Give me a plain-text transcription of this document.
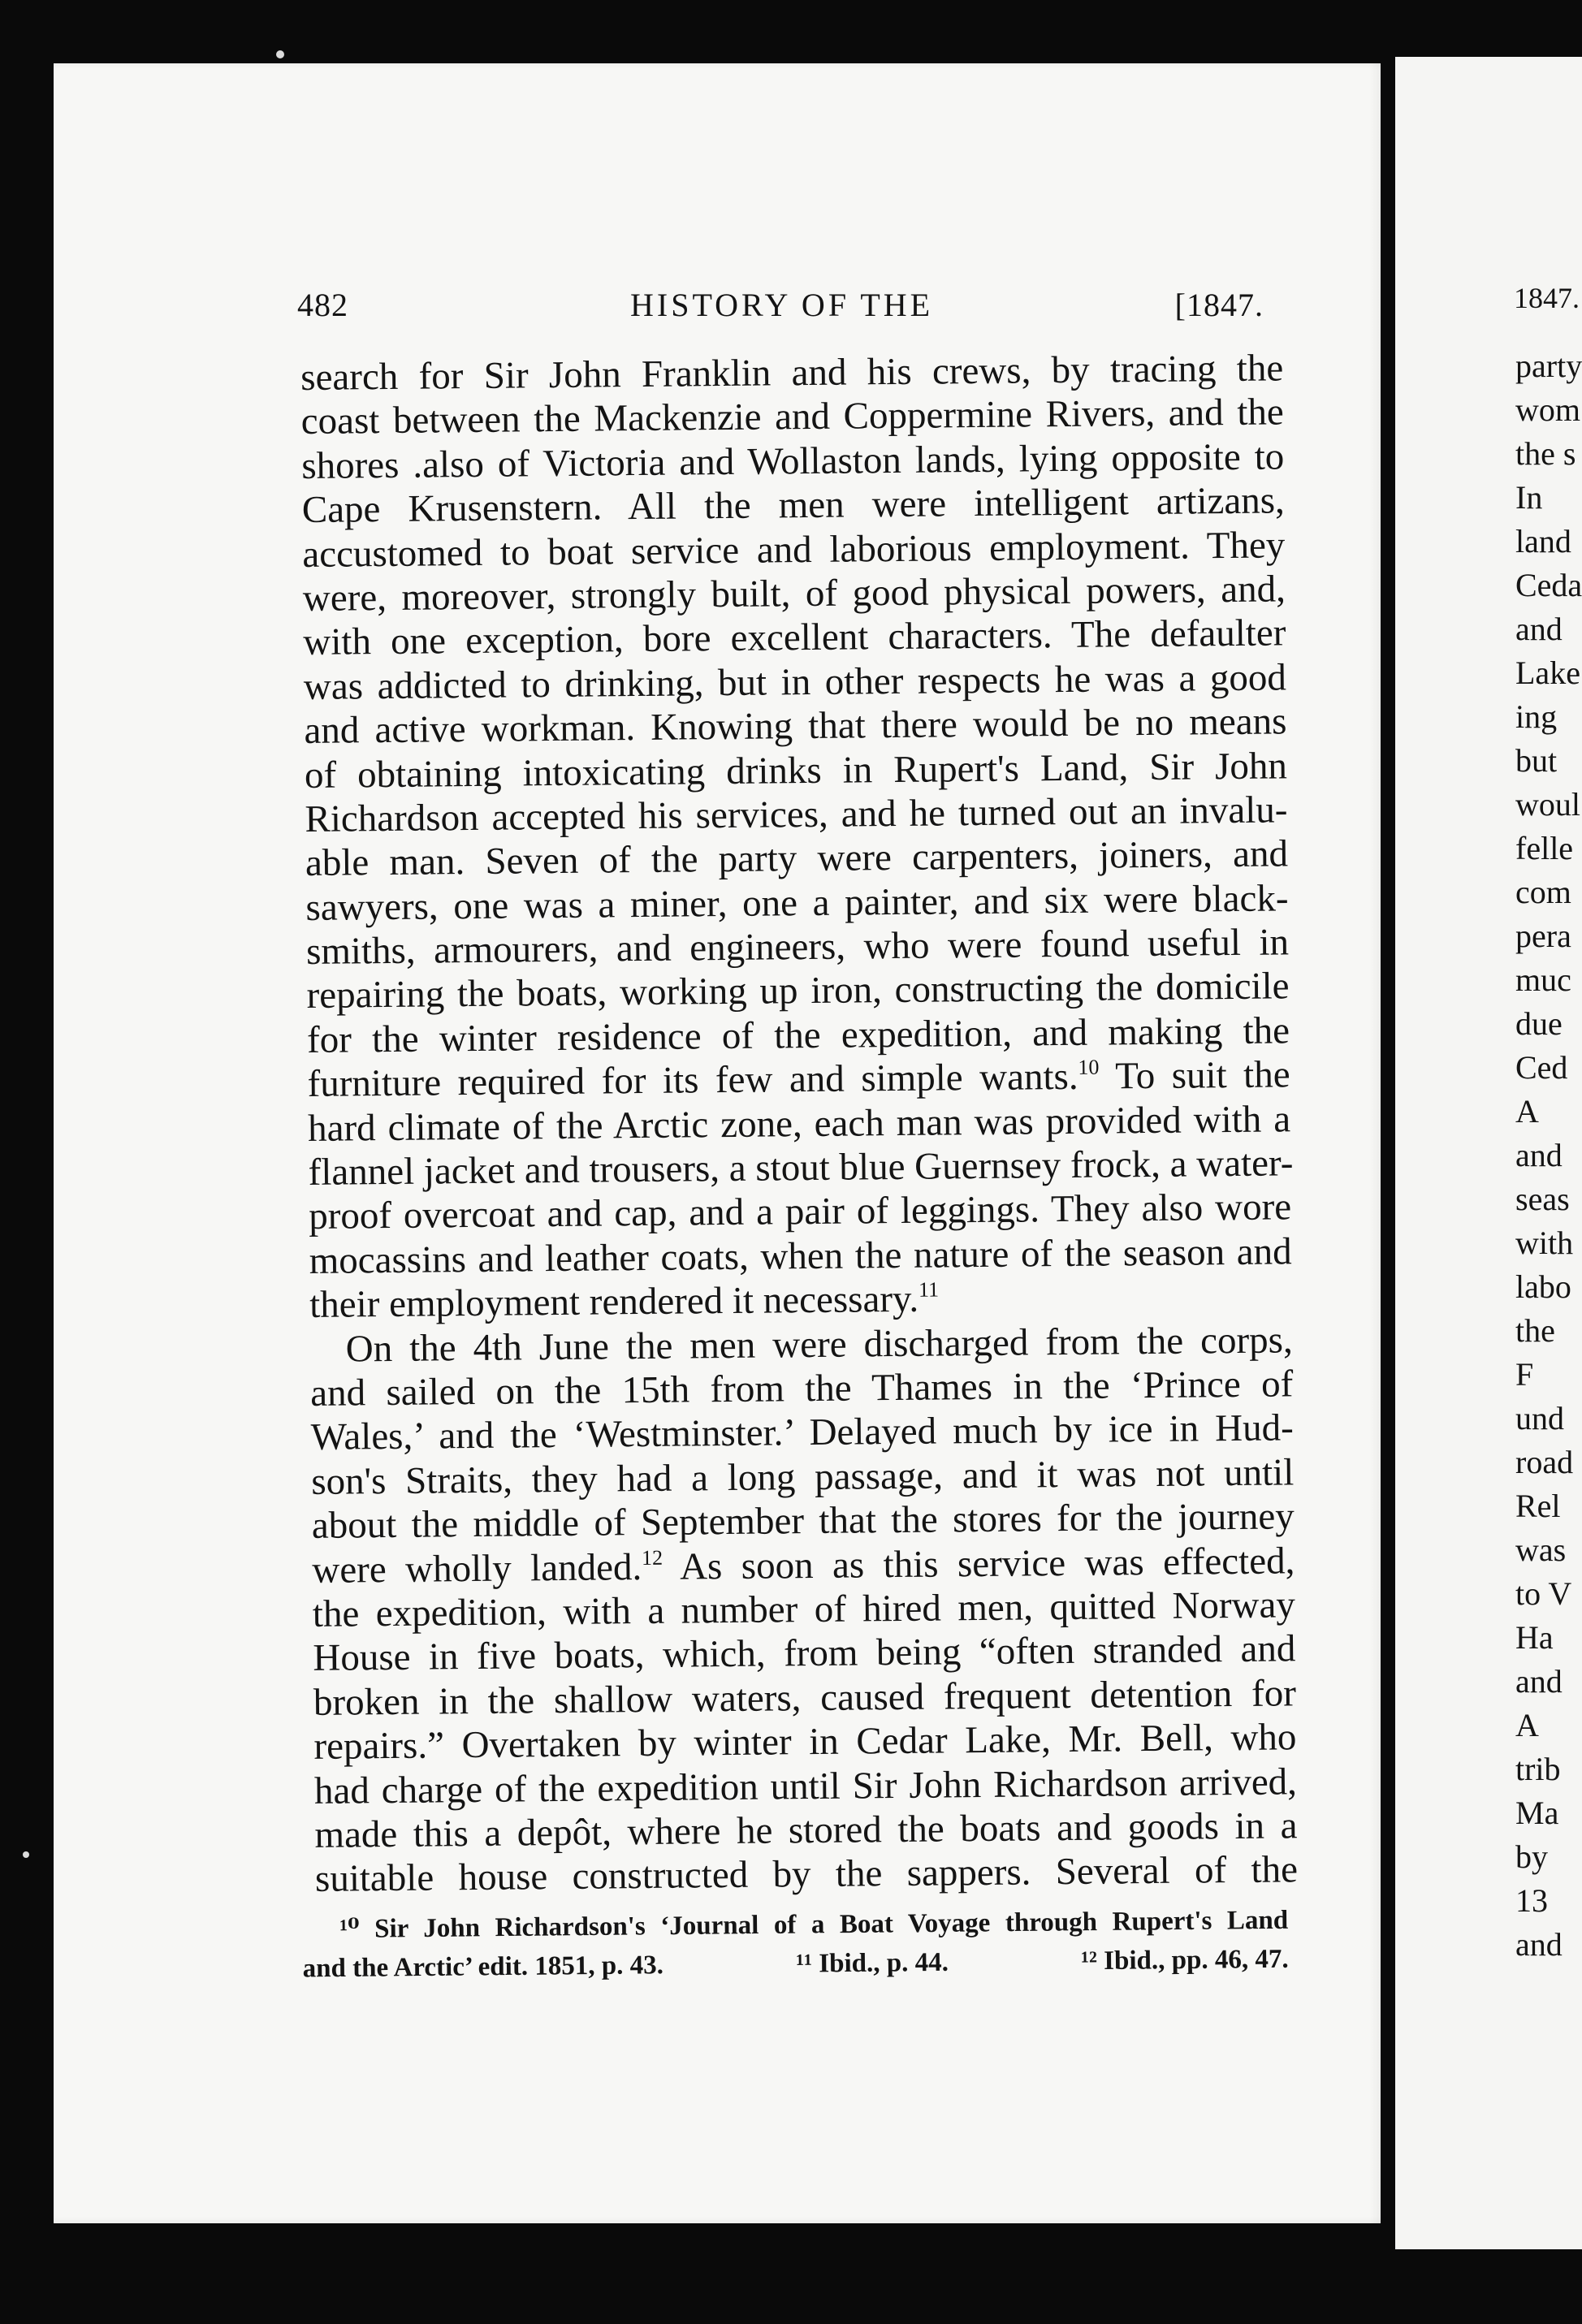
482	HISTORY OF THE	[1847.
search for Sir John Franklin and his crews, by tracing the
coast between the Mackenzie and Coppermine Rivers, and the
shores .also of Victoria and Wollaston lands, lying opposite to
Cape Krusenstern. All the men were intelligent artizans,
accustomed to boat service and laborious employment. They
were, moreover, strongly built, of good physical powers, and,
with one exception, bore excellent characters. The defaulter
was addicted to drinking, but in other respects he was a good
and active workman. Knowing that there would be no means
of obtaining intoxicating drinks in Rupert's Land, Sir John
Richardson accepted his services, and he turned out an invalu-
able man. Seven of the party were carpenters, joiners, and
sawyers, one was a miner, one a painter, and six were black-
smiths, armourers, and engineers, who were found useful in
repairing the boats, working up iron, constructing the domicile
for the winter residence of the expedition, and making the
furniture required for its few and simple wants.$^{10}$ To suit the
hard climate of the Arctic zone, each man was provided with a
flannel jacket and trousers, a stout blue Guernsey frock, a water-
proof overcoat and cap, and a pair of leggings. They also wore
mocassins and leather coats, when the nature of the season and
their employment rendered it necessary.$^{11}$
On the 4th June the men were discharged from the corps,
and sailed on the 15th from the Thames in the ‘Prince of
Wales,’ and the ‘Westminster.’ Delayed much by ice in Hud-
son's Straits, they had a long passage, and it was not until
about the middle of September that the stores for the journey
were wholly landed.$^{12}$ As soon as this service was effected,
the expedition, with a number of hired men, quitted Norway
House in five boats, which, from being “often stranded and
broken in the shallow waters, caused frequent detention for
repairs.” Overtaken by winter in Cedar Lake, Mr. Bell, who
had charge of the expedition until Sir John Richardson arrived,
made this a depôt, where he stored the boats and goods in a
suitable house constructed by the sappers. Several of the
¹⁰ Sir John Richardson's ‘Journal of a Boat Voyage through Rupert's Land
and the Arctic’ edit. 1851, p. 43.	¹¹ Ibid., p. 44.	¹² Ibid., pp. 46, 47.
1847.
party
wom
the s
In
land
Ceda
and
Lake
ing
but
woul
felle
com
pera
muc
due
Ced
A
and
seas
with
labo
the
F
und
road
Rel
was
to V
Ha
and
A
trib
Ma
by
13
and
